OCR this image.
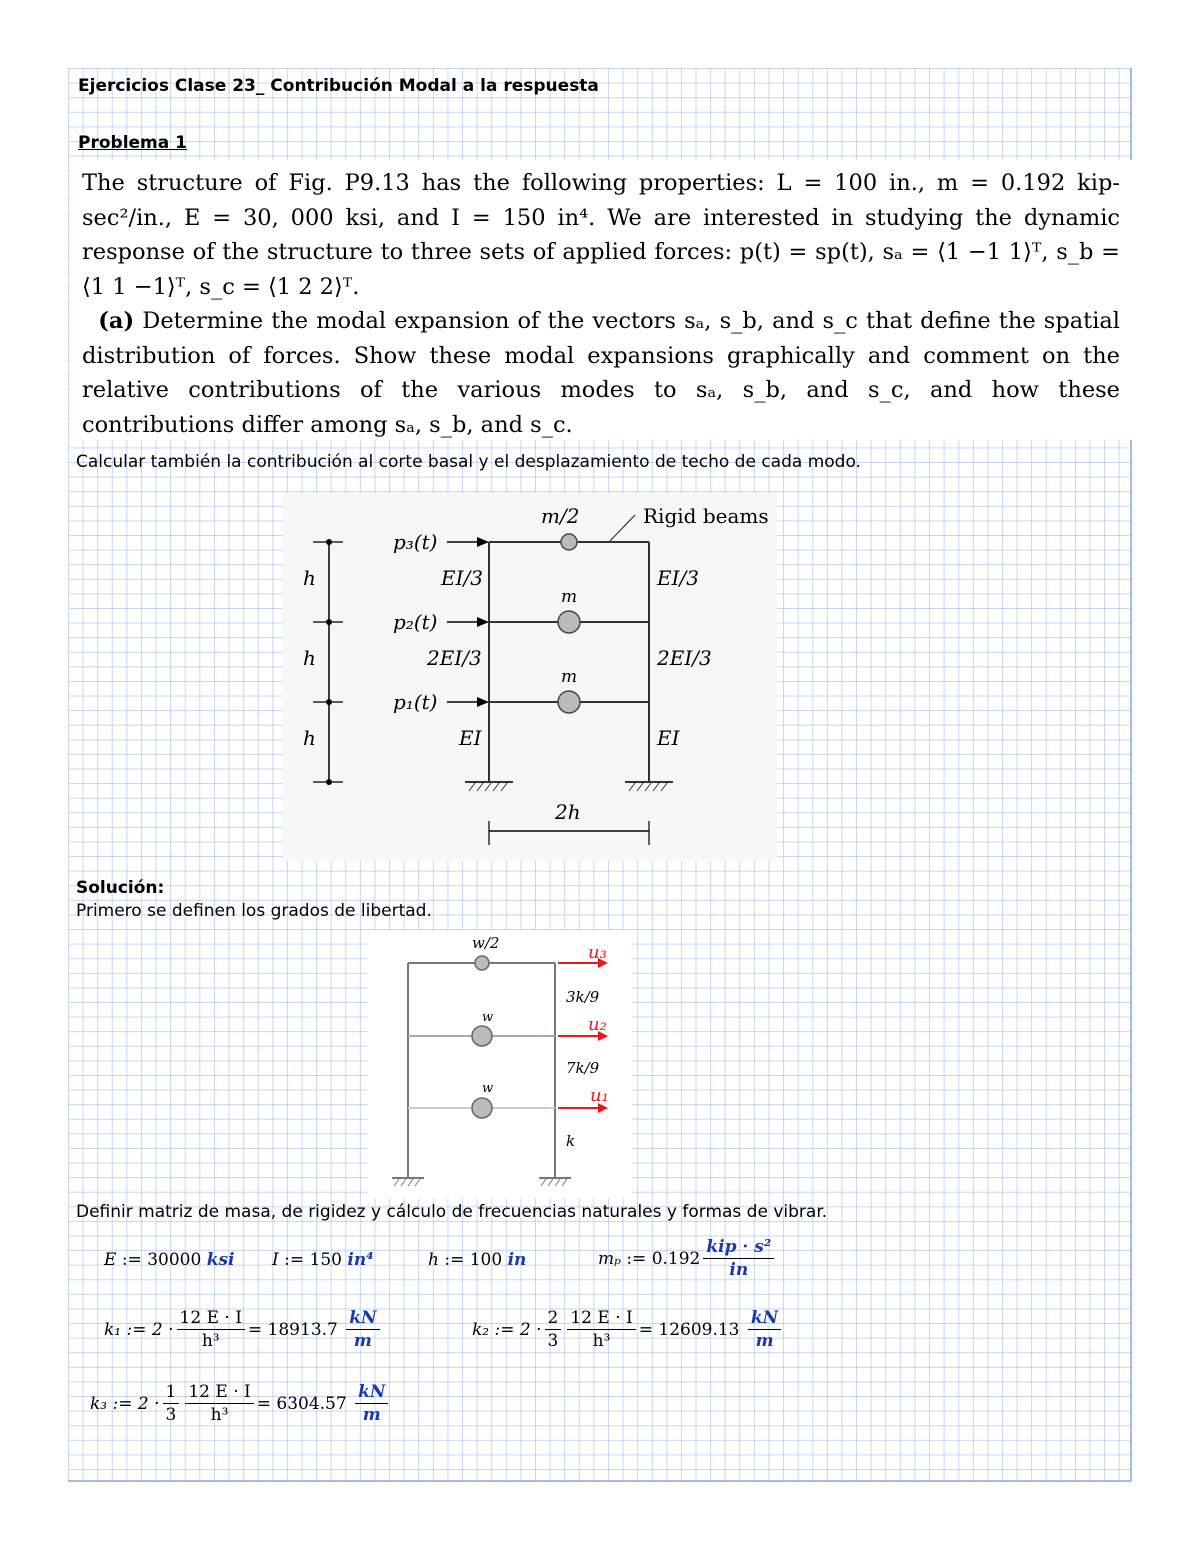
Ejercicios Clase 23_ Contribución Modal a la respuesta
Problema 1

The structure of Fig. P9.13 has the following properties: L = 100 in., m = 0.192 kip-sec²/in., E = 30, 000 ksi, and I = 150 in⁴. We are interested in studying the dynamic response of the structure to three sets of applied forces: p(t) = sp(t), sₐ = ⟨1 −1 1⟩ᵀ, s_b = ⟨1 1 −1⟩ᵀ, s_c = ⟨1 2 2⟩ᵀ.

(a) Determine the modal expansion of the vectors sₐ, s_b, and s_c that define the spatial distribution of forces. Show these modal expansions graphically and comment on the relative contributions of the various modes to sₐ, s_b, and s_c, and how these contributions differ among sₐ, s_b, and s_c.

Calcular también la contribución al corte basal y el desplazamiento de techo de cada modo.
h
h
h
m/2
m
m
Rigid beams
p₃(t)
p₂(t)
p₁(t)
EI/3	EI/3
2EI/3	2EI/3
EI	EI
2h
Solución:
Primero se definen los grados de libertad.
w/2
w
w
u₃
u₂
u₁
3k/9
7k/9
k
Definir matriz de masa, de rigidez y cálculo de frecuencias naturales y formas de vibrar.
E
:= 30000
ksi I
:= 150
in⁴	h
:= 100
in	mₚ
:= $0.192 \frac{\text{kip · s²}}{in}$
k₁ := $2 \cdot \frac{12 E \cdot I}{\text{h³}} = 18913.7$
$\frac{kN}{m}$	k₂ := $2 \cdot \frac{2}{3} \frac{12 E \cdot I}{\text{h³}} = 12609.13$
$\frac{kN}{m}$
k₃ := $2 \cdot \frac{1}{3} \frac{12 E \cdot I}{\text{h³}} = 6304.57$
$\frac{kN}{m}$
